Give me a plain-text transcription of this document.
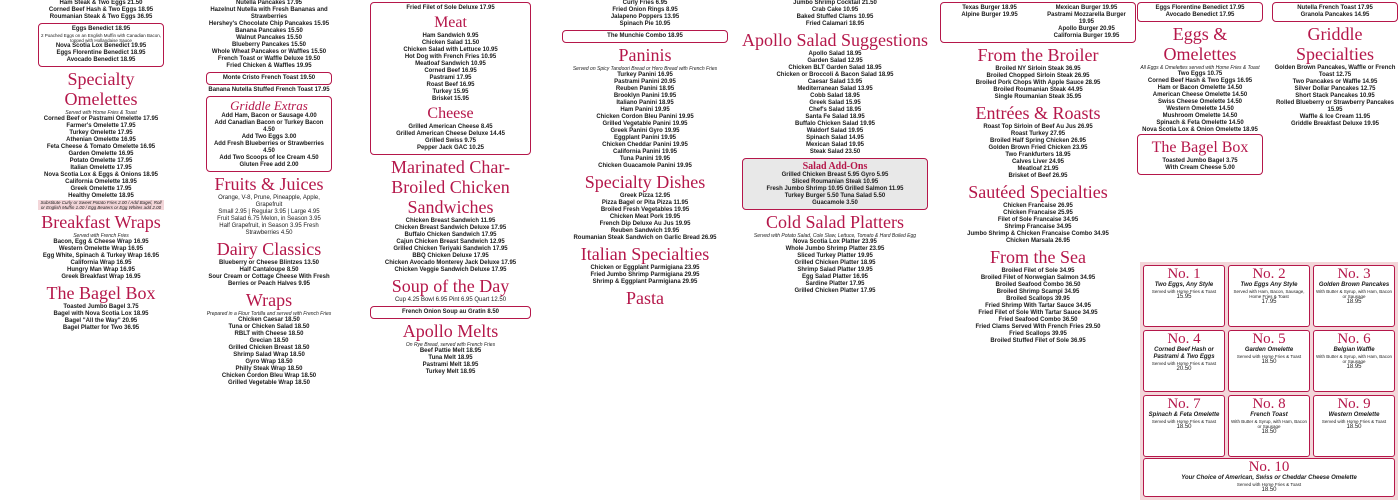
Ham Steak & Two Eggs 21.50
Corned Beef Hash & Two Eggs 18.95
Roumanian Steak & Two Eggs 36.95
Eggs Benedict 18.95
2 Poached Eggs on an English Muffin with Canadian Bacon, topped with Hollandaise Sauce
Nova Scotia Lox Benedict 19.95
Eggs Florentine Benedict 18.95
Avocado Benedict 18.95
Specialty Omelettes
Served with Home Fries & Toast
Corned Beef or Pastrami Omelette 17.95
Farmer's Omelette 17.95
Turkey Omelette 17.95
Athenian Omelette 16.95
Feta Cheese & Tomato Omelette 16.95
Garden Omelette 16.95
Potato Omelette 17.95
Italian Omelette 17.95
Nova Scotia Lox & Eggs & Onions 18.95
California Omelette 18.95
Greek Omelette 17.95
Healthy Omelette 18.95
Substitute Curly or Sweet Potato Fries 2.00 / Add Bagel, Roll or English Muffin 1.00 / Egg Beaters or Egg Whites add 2.00
Breakfast Wraps
Served with French Fries
Bacon, Egg & Cheese Wrap 16.95
Western Omelette Wrap 16.95
Egg White, Spinach & Turkey Wrap 16.95
California Wrap 16.95
Hungry Man Wrap 16.95
Greek Breakfast Wrap 16.95
The Bagel Box
Toasted Jumbo Bagel 3.75
Bagel with Nova Scotia Lox 18.95
Bagel "All the Way" 20.95
Bagel Platter for Two 36.95
Nutella Pancakes 17.95
Hazelnut Nutella with Fresh Bananas and Strawberries
Hershey's Chocolate Chip Pancakes 15.95
Banana Pancakes 15.50
Walnut Pancakes 15.50
Blueberry Pancakes 15.50
Whole Wheat Pancakes or Waffles 15.50
French Toast or Waffle Deluxe 19.50
Fried Chicken & Waffles 19.95
Monte Cristo French Toast 19.50
Banana Nutella Stuffed French Toast 17.95
Griddle Extras
Add Ham, Bacon or Sausage 4.00
Add Canadian Bacon or Turkey Bacon 4.50
Add Two Eggs 3.00
Add Fresh Blueberries or Strawberries 4.50
Add Two Scoops of Ice Cream 4.50
Gluten Free add 2.00
Fruits & Juices
Orange, V-8, Prune, Pineapple, Apple, Grapefruit
Small 2.95 | Regular 3.95 | Large 4.95
Fruit Salad 6.75 Melon, in Season 3.95
Half Grapefruit, in Season 3.95 Fresh Strawberries 4.50
Dairy Classics
Blueberry or Cheese Blintzes 13.50
Half Cantaloupe 8.50
Sour Cream or Cottage Cheese With Fresh Berries or Peach Halves 9.95
Wraps
Prepared in a Flour Tortilla and served with French Fries
Chicken Caesar 18.50
Tuna or Chicken Salad 18.50
RBLT with Cheese 18.50
Grecian 18.50
Grilled Chicken Breast 18.50
Shrimp Salad Wrap 18.50
Gyro Wrap 18.50
Philly Steak Wrap 18.50
Chicken Cordon Bleu Wrap 18.50
Grilled Vegetable Wrap 18.50
Fried Filet of Sole Deluxe 17.95
Meat
Ham Sandwich 9.95
Chicken Salad 11.50
Chicken Salad with Lettuce 10.95
Hot Dog with French Fries 10.95
Meatloaf Sandwich 10.95
Corned Beef 16.95
Pastrami 17.95
Roast Beef 16.95
Turkey 15.95
Brisket 15.95
Cheese
Grilled American Cheese 8.45
Grilled American Cheese Deluxe 14.45
Grilled Swiss 9.75
Pepper Jack GAC 10.25
Marinated Char-Broiled Chicken Sandwiches
Chicken Breast Sandwich 11.95
Chicken Breast Sandwich Deluxe 17.95
Buffalo Chicken Sandwich 17.95
Cajun Chicken Breast Sandwich 12.95
Grilled Chicken Teriyaki Sandwich 17.95
BBQ Chicken Deluxe 17.95
Chicken Avocado Monterey Jack Deluxe 17.95
Chicken Veggie Sandwich Deluxe 17.95
Soup of the Day
Cup 4.25 Bowl 6.95 Pint 6.95 Quart 12.50
French Onion Soup au Gratin 8.50
Apollo Melts
On Rye Bread, served with French Fries
Beef Pattie Melt 18.95
Tuna Melt 18.95
Pastrami Melt 18.95
Turkey Melt 18.95
Curly Fries 6.95
Fried Onion Rings 8.95
Jalapeno Poppers 13.95
Spinach Pie 10.95
The Munchie Combo 18.95
Paninis
Served on Spicy Tandoori Bread or Hero Bread with French Fries
Turkey Panini 16.95
Pastrami Panini 20.95
Reuben Panini 18.95
Brooklyn Panini 19.95
Italiano Panini 18.95
Ham Panini 19.95
Chicken Cordon Bleu Panini 19.95
Grilled Vegetable Panini 19.95
Greek Panini Gyro 19.95
Eggplant Panini 19.95
Chicken Cheddar Panini 19.95
California Panini 19.95
Tuna Panini 19.95
Chicken Guacamole Panini 19.95
Specialty Dishes
Greek Pizza 12.95
Pizza Bagel or Pita Pizza 11.95
Broiled Fresh Vegetables 19.95
Chicken Meat Pork 19.95
French Dip Deluxe Au Jus 19.95
Reuben Sandwich 19.95
Roumanian Steak Sandwich on Garlic Bread 26.95
Italian Specialties
Chicken or Eggplant Parmigiana 23.95
Fried Jumbo Shrimp Parmigiana 29.95
Shrimp & Eggplant Parmigiana 29.95
Pasta
Jumbo Shrimp Cocktail 21.50
Crab Cake 10.95
Baked Stuffed Clams 10.95
Fried Calamari 18.95
Apollo Salad Suggestions
Apollo Salad 18.95
Garden Salad 12.95
Chicken BLT Garden Salad 18.95
Chicken or Broccoli & Bacon Salad 18.95
Caesar Salad 13.95
Mediterranean Salad 13.95
Cobb Salad 18.95
Greek Salad 15.95
Chef's Salad 18.95
Santa Fe Salad 18.95
Buffalo Chicken Salad 19.95
Waldorf Salad 19.95
Spinach Salad 14.95
Mexican Salad 19.95
Steak Salad 23.50
Salad Add-Ons
Grilled Chicken Breast 5.95 Gyro 5.95
Sliced Roumanian Steak 10.95
Fresh Jumbo Shrimp 10.95 Grilled Salmon 11.95
Turkey Burger 5.50 Tuna Salad 5.50
Guacamole 3.50
Cold Salad Platters
Served with Potato Salad, Cole Slaw, Lettuce, Tomato & Hard Boiled Egg
Nova Scotia Lox Platter 23.95
Whole Jumbo Shrimp Platter 23.95
Sliced Turkey Platter 19.95
Grilled Chicken Platter 18.95
Shrimp Salad Platter 19.95
Egg Salad Platter 16.95
Sardine Platter 17.95
Grilled Chicken Platter 17.95
Texas Burger 18.95
Alpine Burger 19.95
Mexican Burger 19.95
Pastrami Mozzarella Burger 19.95
Apollo Burger 20.95
California Burger 19.95
From the Broiler
Broiled NY Sirloin Steak 36.95
Broiled Chopped Sirloin Steak 26.95
Broiled Pork Chops With Apple Sauce 28.95
Broiled Roumanian Steak 44.95
Single Roumanian Steak 35.95
Entrées & Roasts
Roast Top Sirloin of Beef Au Jus 26.95
Roast Turkey 27.95
Broiled Half Spring Chicken 26.95
Golden Brown Fried Chicken 23.95
Two Frankfurters 18.95
Calves Liver 24.95
Meatloaf 21.95
Brisket of Beef 26.95
Sautéed Specialties
Chicken Francaise 26.95
Chicken Francaise 25.95
Filet of Sole Francaise 34.95
Shrimp Francaise 34.95
Jumbo Shrimp & Chicken Francaise Combo 34.95
Chicken Marsala 26.95
From the Sea
Broiled Filet of Sole 34.95
Broiled Filet of Norwegian Salmon 34.95
Broiled Seafood Combo 36.50
Broiled Shrimp Scampi 34.95
Broiled Scallops 39.95
Fried Shrimp With Tartar Sauce 34.95
Fried Filet of Sole With Tartar Sauce 34.95
Fried Seafood Combo 36.50
Fried Clams Served With French Fries 29.50
Fried Scallops 39.95
Broiled Stuffed Filet of Sole 36.95
Eggs Florentine Benedict 17.95
Avocado Benedict 17.95
Eggs & Omelettes
All Eggs & Omelettes served with Home Fries & Toast
Two Eggs 10.75
Corned Beef Hash & Two Eggs 16.95
Ham or Bacon Omelette 14.50
American Cheese Omelette 14.50
Swiss Cheese Omelette 14.50
Western Omelette 14.50
Mushroom Omelette 14.50
Spinach & Feta Omelette 14.50
Nova Scotia Lox & Onion Omelette 18.95
The Bagel Box
Toasted Jumbo Bagel 3.75
With Cream Cheese 5.00
Nutella French Toast 17.95
Granola Pancakes 14.95
Griddle Specialties
Golden Brown Pancakes, Waffle or French Toast 12.75
Two Pancakes or Waffle 14.95
Silver Dollar Pancakes 12.75
Short Stack Pancakes 10.95
Rolled Blueberry or Strawberry Pancakes 15.95
Waffle & Ice Cream 11.95
Griddle Breakfast Deluxe 19.95
No. 1
Two Eggs, Any Style
Served with Home Fries & Toast
15.95
No. 2
Two Eggs Any Style
Served with Ham, Bacon, Sausage, Home Fries & Toast
17.95
No. 3
Golden Brown Pancakes
With Butter & Syrup, with Ham, Bacon or Sausage
18.95
No. 4
Corned Beef Hash or Pastrami & Two Eggs
Served with Home Fries & Toast
20.50
No. 5
Garden Omelette
Served with Home Fries & Toast
18.50
No. 6
Belgian Waffle
With Butter & Syrup, with Ham, Bacon or Sausage
18.95
No. 7
Spinach & Feta Omelette
Served with Home Fries & Toast
18.50
No. 8
French Toast
With Butter & Syrup, with Ham, Bacon or Sausage
18.50
No. 9
Western Omelette
Served with Home Fries & Toast
18.50
No. 10
Your Choice of American, Swiss or Cheddar Cheese Omelette
Served with Home Fries & Toast
18.50
